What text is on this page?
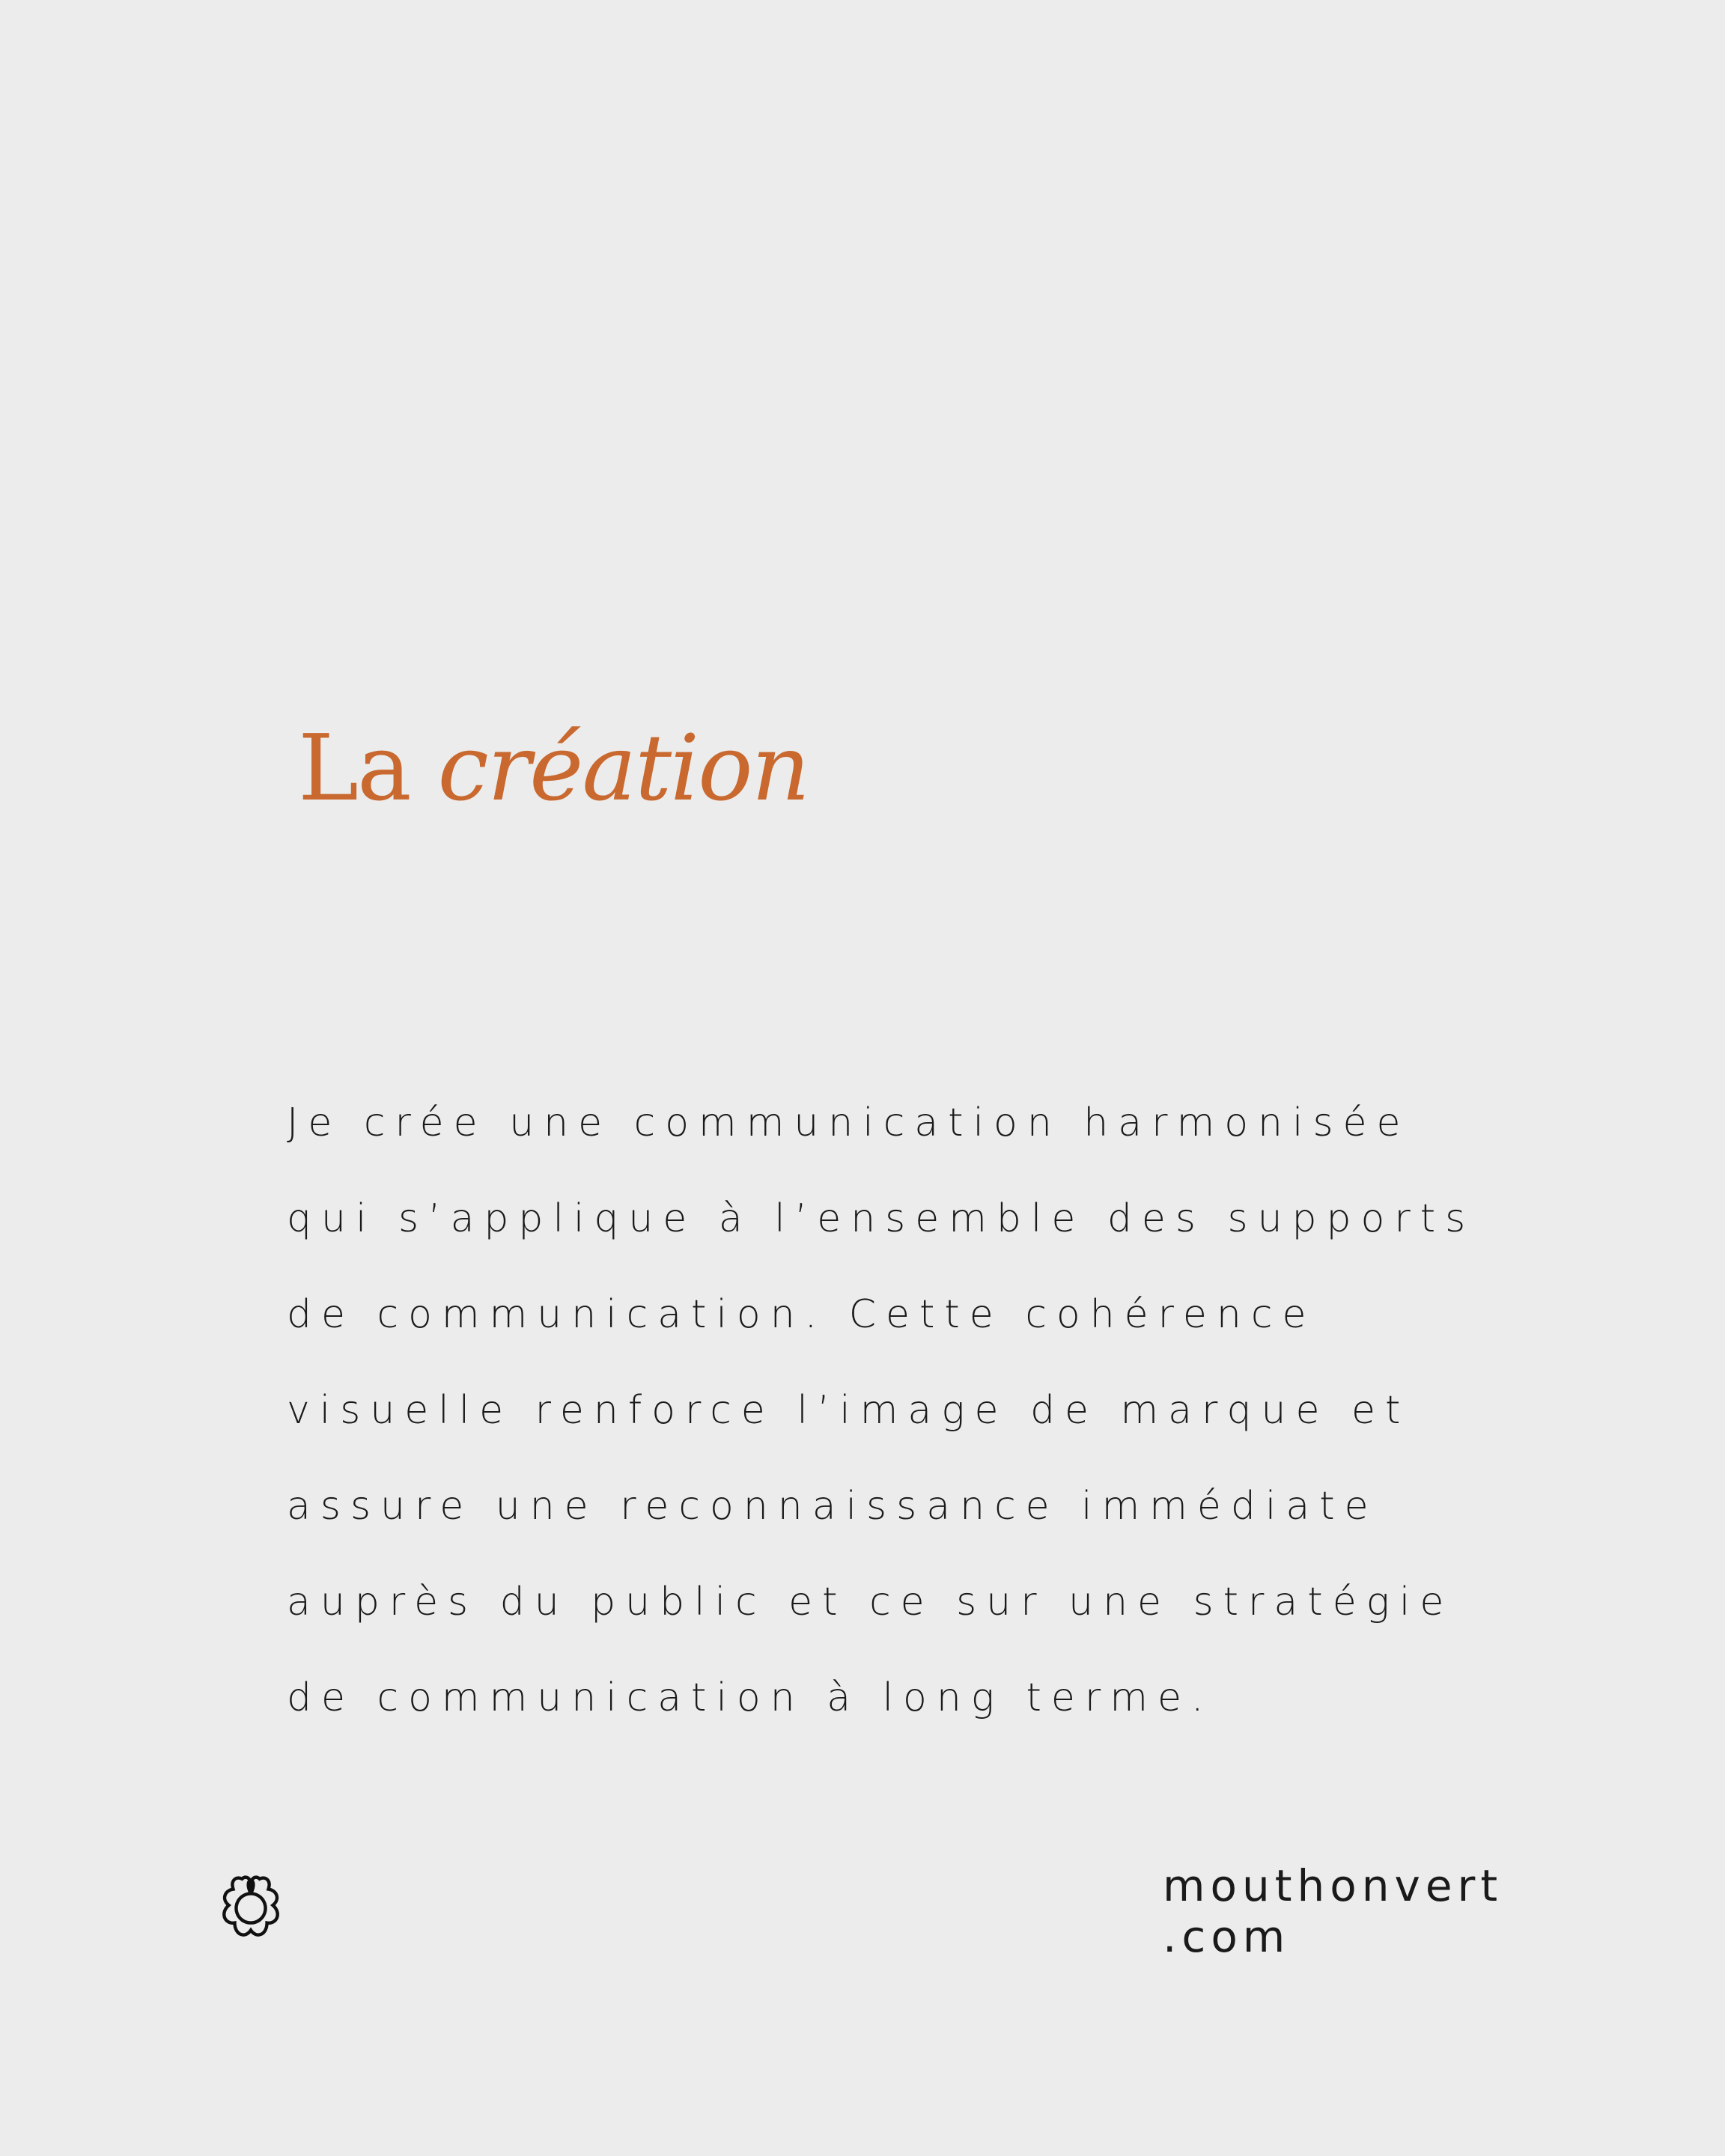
La création

Je crée une communication harmonisée
qui s’applique à l’ensemble des supports
de communication. Cette cohérence
visuelle renforce l’image de marque et
assure une reconnaissance immédiate
auprès du public et ce sur une stratégie
de communication à long terme.

mouthonvert
.com
